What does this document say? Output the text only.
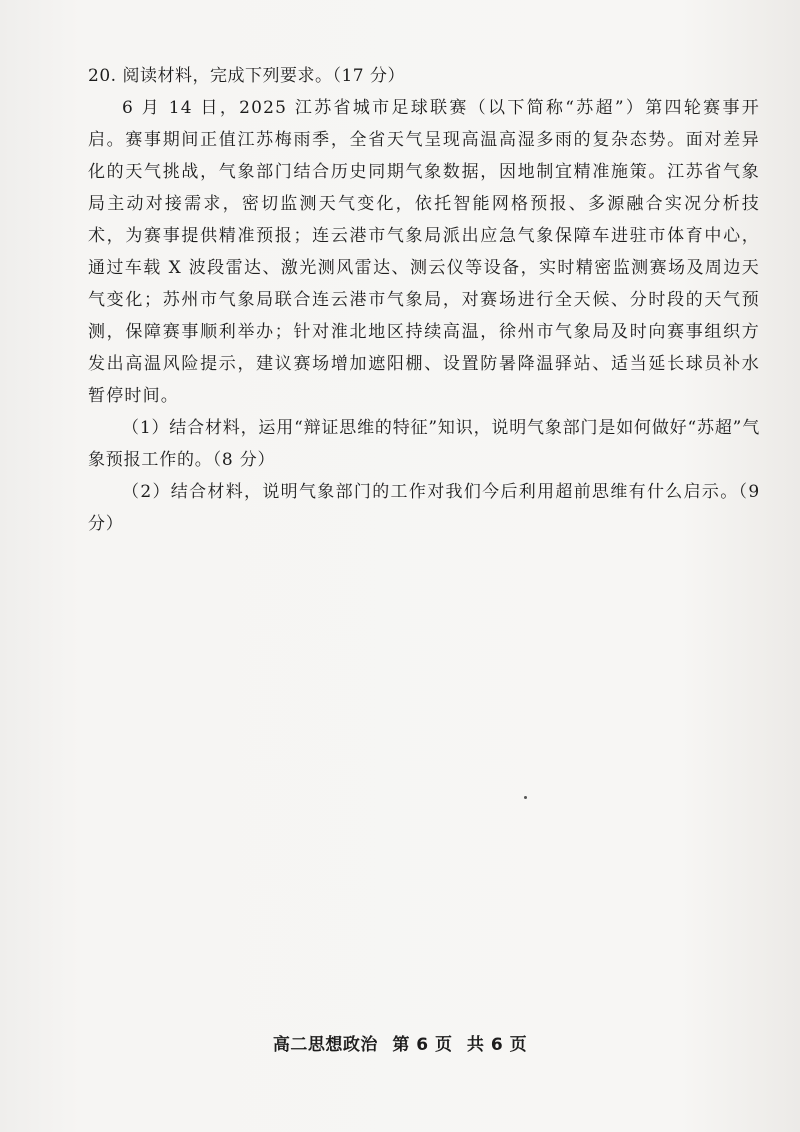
20. 阅读材料，完成下列要求。（17 分）

6 月 14 日，2025 江苏省城市足球联赛（以下简称“苏超”）第四轮赛事开启。赛事期间正值江苏梅雨季，全省天气呈现高温高湿多雨的复杂态势。面对差异化的天气挑战，气象部门结合历史同期气象数据，因地制宜精准施策。江苏省气象局主动对接需求，密切监测天气变化，依托智能网格预报、多源融合实况分析技术，为赛事提供精准预报；连云港市气象局派出应急气象保障车进驻市体育中心，通过车载 X 波段雷达、激光测风雷达、测云仪等设备，实时精密监测赛场及周边天气变化；苏州市气象局联合连云港市气象局，对赛场进行全天候、分时段的天气预测，保障赛事顺利举办；针对淮北地区持续高温，徐州市气象局及时向赛事组织方发出高温风险提示，建议赛场增加遮阳棚、设置防暑降温驿站、适当延长球员补水暂停时间。

（1）结合材料，运用“辩证思维的特征”知识，说明气象部门是如何做好“苏超”气象预报工作的。（8 分）

（2）结合材料，说明气象部门的工作对我们今后利用超前思维有什么启示。（9 分）

高二思想政治 第 6 页 共 6 页
